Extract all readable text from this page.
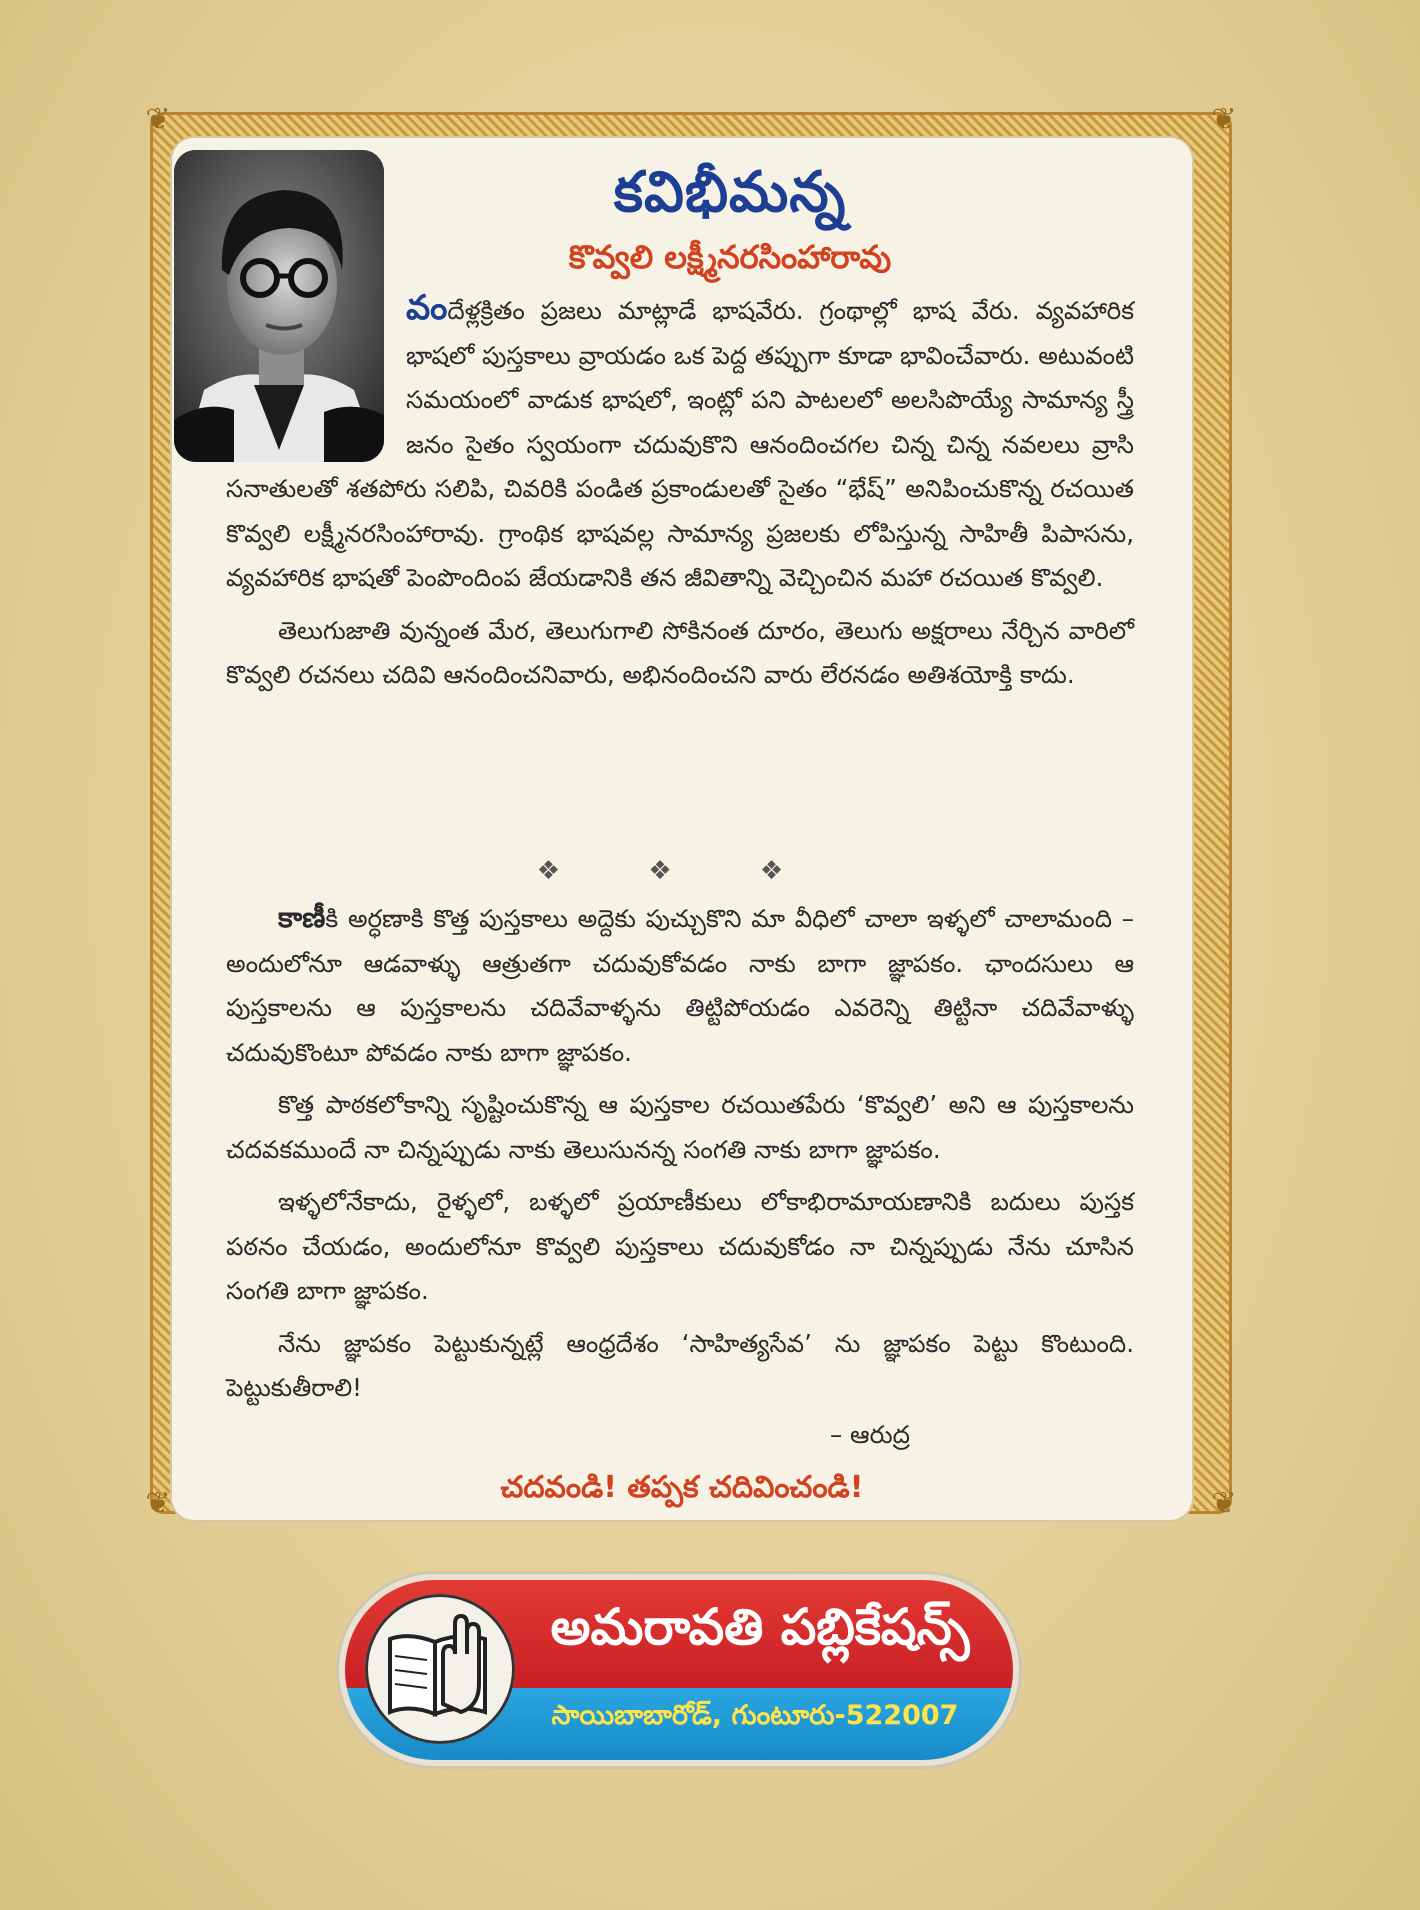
❦	❦
❦	❦
కవిభీమన్న
కొవ్వలి లక్ష్మీనరసింహారావు

వందేళ్లక్రితం ప్రజలు మాట్లాడే భాషవేరు. గ్రంథాల్లో భాష వేరు. వ్యవహారిక భాషలో పుస్తకాలు వ్రాయడం ఒక పెద్ద తప్పుగా కూడా భావించేవారు. అటువంటి సమయంలో వాడుక భాషలో, ఇంట్లో పని పాటలలో అలసిపొయ్యే సామాన్య స్త్రీ జనం సైతం స్వయంగా చదువుకొని ఆనందించగల చిన్న చిన్న నవలలు వ్రాసి సనాతులతో శతపోరు సలిపి, చివరికి పండిత ప్రకాండులతో సైతం “భేష్” అనిపించుకొన్న రచయిత కొవ్వలి లక్ష్మీనరసింహారావు. గ్రాంథిక భాషవల్ల సామాన్య ప్రజలకు లోపిస్తున్న సాహితీ పిపాసను, వ్యవహారిక భాషతో పెంపొందింప జేయడానికి తన జీవితాన్ని వెచ్చించిన మహా రచయిత కొవ్వలి.

తెలుగుజాతి వున్నంత మేర, తెలుగుగాలి సోకినంత దూరం, తెలుగు అక్షరాలు నేర్చిన వారిలో కొవ్వలి రచనలు చదివి ఆనందించనివారు, అభినందించని వారు లేరనడం అతిశయోక్తి కాదు.

❖ ❖ ❖

కాణీకి అర్ధణాకి కొత్త పుస్తకాలు అద్దెకు పుచ్చుకొని మా వీధిలో చాలా ఇళ్ళలో చాలామంది – అందులోనూ ఆడవాళ్ళు ఆత్రుతగా చదువుకోవడం నాకు బాగా జ్ఞాపకం. ఛాందసులు ఆ పుస్తకాలను ఆ పుస్తకాలను చదివేవాళ్ళను తిట్టిపోయడం ఎవరెన్ని తిట్టినా చదివేవాళ్ళు చదువుకొంటూ పోవడం నాకు బాగా జ్ఞాపకం.

కొత్త పాఠకలోకాన్ని సృష్టించుకొన్న ఆ పుస్తకాల రచయితపేరు ‘కొవ్వలి’ అని ఆ పుస్తకాలను చదవకముందే నా చిన్నప్పుడు నాకు తెలుసునన్న సంగతి నాకు బాగా జ్ఞాపకం.

ఇళ్ళలోనేకాదు, రైళ్ళలో, బళ్ళలో ప్రయాణీకులు లోకాభిరామాయణానికి బదులు పుస్తక పఠనం చేయడం, అందులోనూ కొవ్వలి పుస్తకాలు చదువుకోడం నా చిన్నప్పుడు నేను చూసిన సంగతి బాగా జ్ఞాపకం.

నేను జ్ఞాపకం పెట్టుకున్నట్లే ఆంధ్రదేశం ‘సాహిత్యసేవ’ ను జ్ఞాపకం పెట్టు కొంటుంది. పెట్టుకుతీరాలి!

– ఆరుద్ర
చదవండి! తప్పక చదివించండి!
అమరావతి పబ్లికేషన్స్
సాయిబాబారోడ్, గుంటూరు-522007
